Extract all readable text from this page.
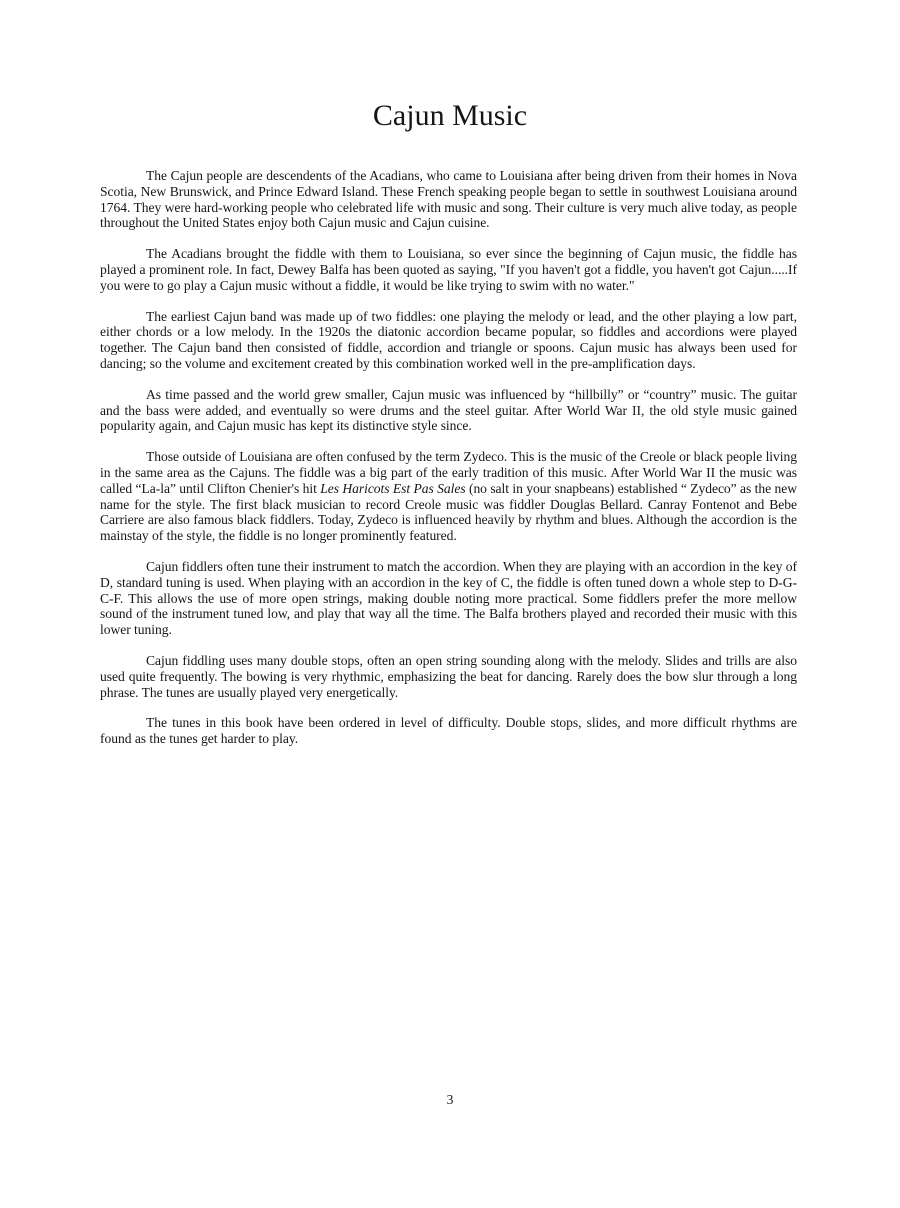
Cajun Music

The Cajun people are descendents of the Acadians, who came to Louisiana after being driven from their homes in Nova Scotia, New Brunswick, and Prince Edward Island. These French speaking people began to settle in southwest Louisiana around 1764. They were hard-working people who celebrated life with music and song. Their culture is very much alive today, as people throughout the United States enjoy both Cajun music and Cajun cuisine.

The Acadians brought the fiddle with them to Louisiana, so ever since the beginning of Cajun music, the fiddle has played a prominent role. In fact, Dewey Balfa has been quoted as saying, "If you haven't got a fiddle, you haven't got Cajun.....If you were to go play a Cajun music without a fiddle, it would be like trying to swim with no water."

The earliest Cajun band was made up of two fiddles: one playing the melody or lead, and the other playing a low part, either chords or a low melody. In the 1920s the diatonic accordion became popular, so fiddles and accordions were played together. The Cajun band then consisted of fiddle, accordion and triangle or spoons. Cajun music has always been used for dancing; so the volume and excitement created by this combination worked well in the pre-amplification days.

As time passed and the world grew smaller, Cajun music was influenced by “hillbilly” or “country” music. The guitar and the bass were added, and eventually so were drums and the steel guitar. After World War II, the old style music gained popularity again, and Cajun music has kept its distinctive style since.

Those outside of Louisiana are often confused by the term Zydeco. This is the music of the Creole or black people living in the same area as the Cajuns. The fiddle was a big part of the early tradition of this music. After World War II the music was called “La-la” until Clifton Chenier's hit Les Haricots Est Pas Sales (no salt in your snapbeans) established “ Zydeco” as the new name for the style. The first black musician to record Creole music was fiddler Douglas Bellard. Canray Fontenot and Bebe Carriere are also famous black fiddlers. Today, Zydeco is influenced heavily by rhythm and blues. Although the accordion is the mainstay of the style, the fiddle is no longer prominently featured.

Cajun fiddlers often tune their instrument to match the accordion. When they are playing with an accordion in the key of D, standard tuning is used. When playing with an accordion in the key of C, the fiddle is often tuned down a whole step to D-G-C-F. This allows the use of more open strings, making double noting more practical. Some fiddlers prefer the more mellow sound of the instrument tuned low, and play that way all the time. The Balfa brothers played and recorded their music with this lower tuning.

Cajun fiddling uses many double stops, often an open string sounding along with the melody. Slides and trills are also used quite frequently. The bowing is very rhythmic, emphasizing the beat for dancing. Rarely does the bow slur through a long phrase. The tunes are usually played very energetically.

The tunes in this book have been ordered in level of difficulty. Double stops, slides, and more difficult rhythms are found as the tunes get harder to play.

3
